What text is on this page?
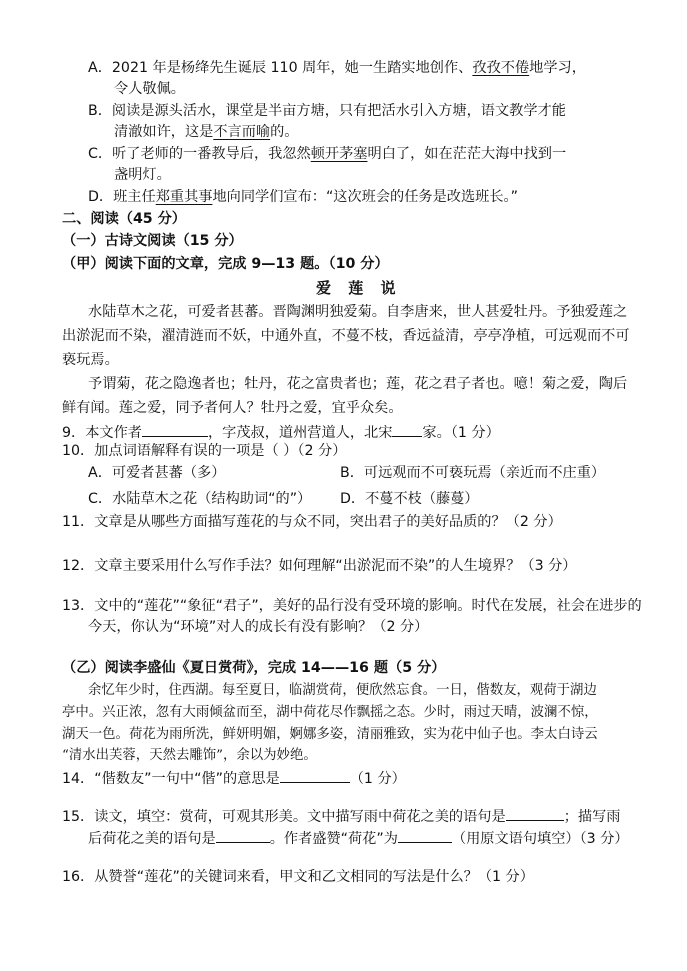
A．2021 年是杨绛先生诞辰 110 周年，她一生踏实地创作、孜孜不倦地学习，
令人敬佩。
B．阅读是源头活水，课堂是半亩方塘，只有把活水引入方塘，语文教学才能
清澈如许，这是不言而喻的。
C．听了老师的一番教导后，我忽然顿开茅塞明白了，如在茫茫大海中找到一
盏明灯。
D．班主任郑重其事地向同学们宣布：“这次班会的任务是改选班长。”
二、阅读（45 分）
（一）古诗文阅读（15 分）
（甲）阅读下面的文章，完成 9—13 题。（10 分）
爱 莲 说
水陆草木之花，可爱者甚蕃。晋陶渊明独爱菊。自李唐来，世人甚爱牡丹。予独爱莲之
出淤泥而不染，濯清涟而不妖，中通外直，不蔓不枝，香远益清，亭亭净植，可远观而不可
亵玩焉。
予谓菊，花之隐逸者也；牡丹，花之富贵者也；莲，花之君子者也。噫！菊之爱，陶后
鲜有闻。莲之爱，同予者何人？牡丹之爱，宜乎众矣。
9．本文作者	，字茂叔，道州营道人，北宋 家。（1 分）
10．加点词语解释有误的一项是（ ）（2 分）
A．可爱者甚蕃（多）	B．可远观而不可亵玩焉（亲近而不庄重）
C．水陆草木之花（结构助词“的”） D．不蔓不枝（藤蔓）
11．文章是从哪些方面描写莲花的与众不同，突出君子的美好品质的？（2 分）
12．文章主要采用什么写作手法？如何理解“出淤泥而不染”的人生境界？（3 分）
13．文中的“莲花”“象征“君子”，美好的品行没有受环境的影响。时代在发展，社会在进步的
今天，你认为“环境”对人的成长有没有影响？（2 分）
（乙）阅读李盛仙《夏日赏荷》，完成 14——16 题（5 分）
余忆年少时，住西湖。每至夏日，临湖赏荷，便欣然忘食。一日，偕数友，观荷于湖边
亭中。兴正浓，忽有大雨倾盆而至，湖中荷花尽作飘摇之态。少时，雨过天晴，波澜不惊，
湖天一色。荷花为雨所洗，鲜妍明媚，婀娜多姿，清丽雅致，实为花中仙子也。李太白诗云
“清水出芙蓉，天然去雕饰”，余以为妙绝。
14．“偕数友”一句中“偕”的意思是	（1 分）
15．读文，填空：赏荷，可观其形美。文中描写雨中荷花之美的语句是	；描写雨
后荷花之美的语句是	。作者盛赞“荷花”为	（用原文语句填空）（3 分）
16．从赞誉“莲花”的关键词来看，甲文和乙文相同的写法是什么？（1 分）
